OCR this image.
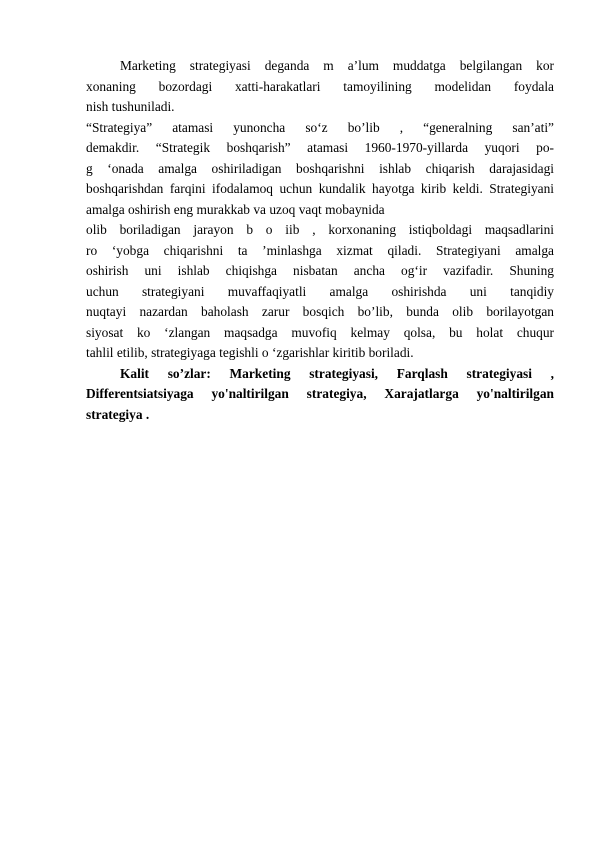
Marketing strategiyasi deganda m a’lum muddatga belgilangan kor
xonaning bozordagi xatti-harakatlari tamoyilining modelidan foydala
nish tushuniladi.
“Strategiya” atamasi yunoncha so‘z bo’lib , “generalning san’ati”
demakdir. “Strategik boshqarish” atamasi 1960-1970-yillarda yuqori po-
g ‘onada amalga oshiriladigan boshqarishni ishlab chiqarish darajasidagi
boshqarishdan farqini ifodalamoq uchun kundalik hayotga kirib keldi. Strategiyani
amalga oshirish eng murakkab va uzoq vaqt mobaynida
olib boriladigan jarayon b o iib , korxonaning istiqboldagi maqsadlarini
ro ‘yobga chiqarishni ta ’minlashga xizmat qiladi. Strategiyani amalga
oshirish uni ishlab chiqishga nisbatan ancha og‘ir vazifadir. Shuning
uchun strategiyani muvaffaqiyatli amalga oshirishda uni tanqidiy
nuqtayi nazardan baholash zarur bosqich bo’lib, bunda olib borilayotgan
siyosat ko ‘zlangan maqsadga muvofiq kelmay qolsa, bu holat chuqur
tahlil etilib, strategiyaga tegishli o ‘zgarishlar kiritib boriladi.
Kalit so’zlar: Marketing strategiyasi, Farqlash strategiyasi ,
Differentsiatsiyaga yo'naltirilgan strategiya, Xarajatlarga yo'naltirilgan
strategiya .
